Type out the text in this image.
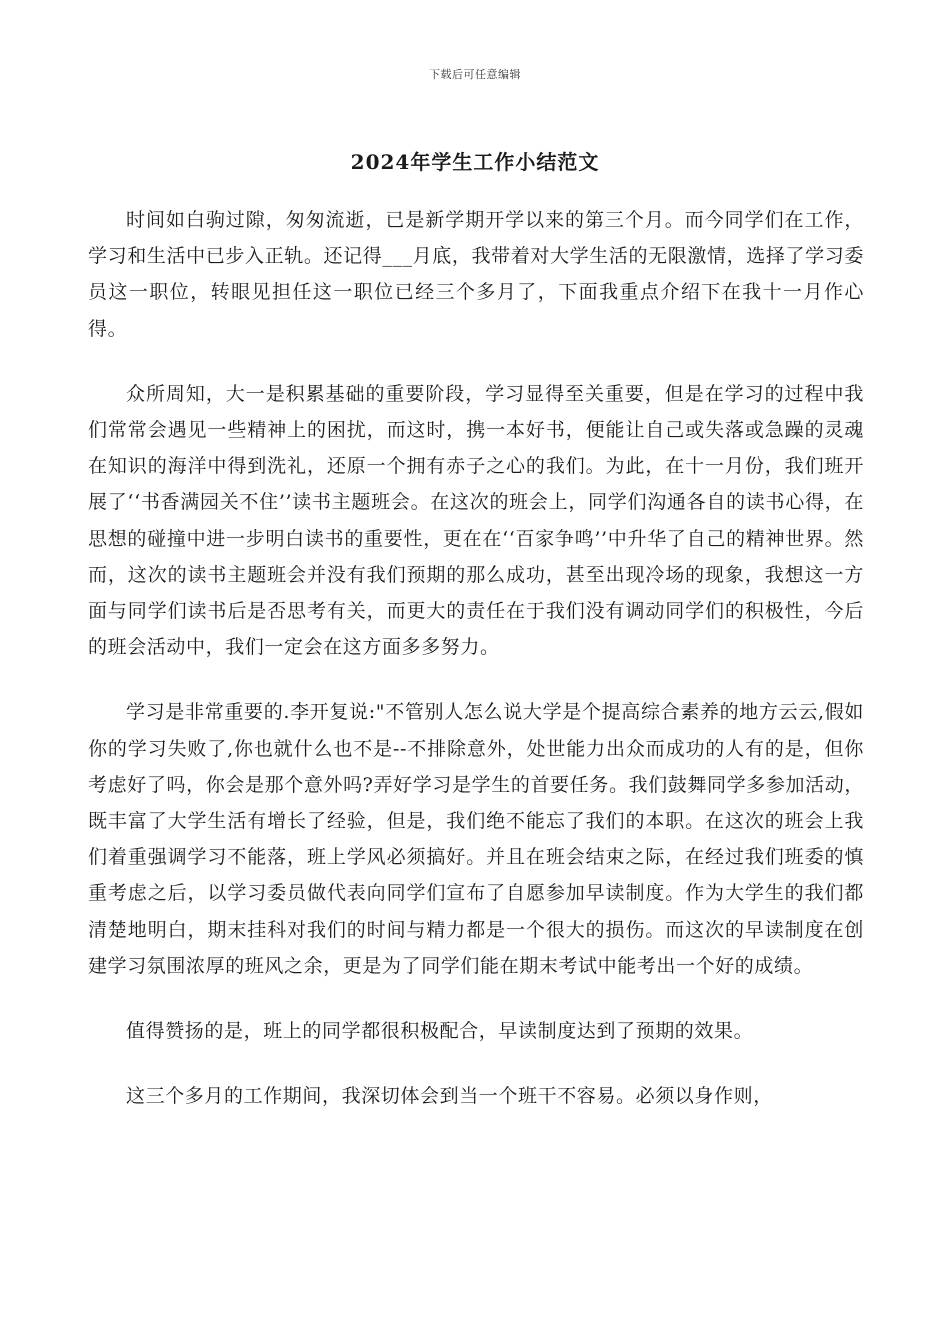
下载后可任意编辑
2024年学生工作小结范文

时间如白驹过隙，匆匆流逝，已是新学期开学以来的第三个月。而今同学们在工作，学习和生活中已步入正轨。还记得___月底，我带着对大学生活的无限激情，选择了学习委员这一职位，转眼见担任这一职位已经三个多月了，下面我重点介绍下在我十一月作心得。

众所周知，大一是积累基础的重要阶段，学习显得至关重要，但是在学习的过程中我们常常会遇见一些精神上的困扰，而这时，携一本好书，便能让自己或失落或急躁的灵魂在知识的海洋中得到洗礼，还原一个拥有赤子之心的我们。为此，在十一月份，我们班开展了‘‘书香满园关不住’’读书主题班会。在这次的班会上，同学们沟通各自的读书心得，在思想的碰撞中进一步明白读书的重要性，更在在‘‘百家争鸣’’中升华了自己的精神世界。然而，这次的读书主题班会并没有我们预期的那么成功，甚至出现冷场的现象，我想这一方面与同学们读书后是否思考有关，而更大的责任在于我们没有调动同学们的积极性，今后的班会活动中，我们一定会在这方面多多努力。

学习是非常重要的.李开复说:"不管别人怎么说大学是个提高综合素养的地方云云,假如你的学习失败了,你也就什么也不是--不排除意外，处世能力出众而成功的人有的是，但你考虑好了吗，你会是那个意外吗?弄好学习是学生的首要任务。我们鼓舞同学多参加活动，既丰富了大学生活有增长了经验，但是，我们绝不能忘了我们的本职。在这次的班会上我们着重强调学习不能落，班上学风必须搞好。并且在班会结束之际，在经过我们班委的慎重考虑之后，以学习委员做代表向同学们宣布了自愿参加早读制度。作为大学生的我们都清楚地明白，期末挂科对我们的时间与精力都是一个很大的损伤。而这次的早读制度在创建学习氛围浓厚的班风之余，更是为了同学们能在期末考试中能考出一个好的成绩。

值得赞扬的是，班上的同学都很积极配合，早读制度达到了预期的效果。

这三个多月的工作期间，我深切体会到当一个班干不容易。必须以身作则，
